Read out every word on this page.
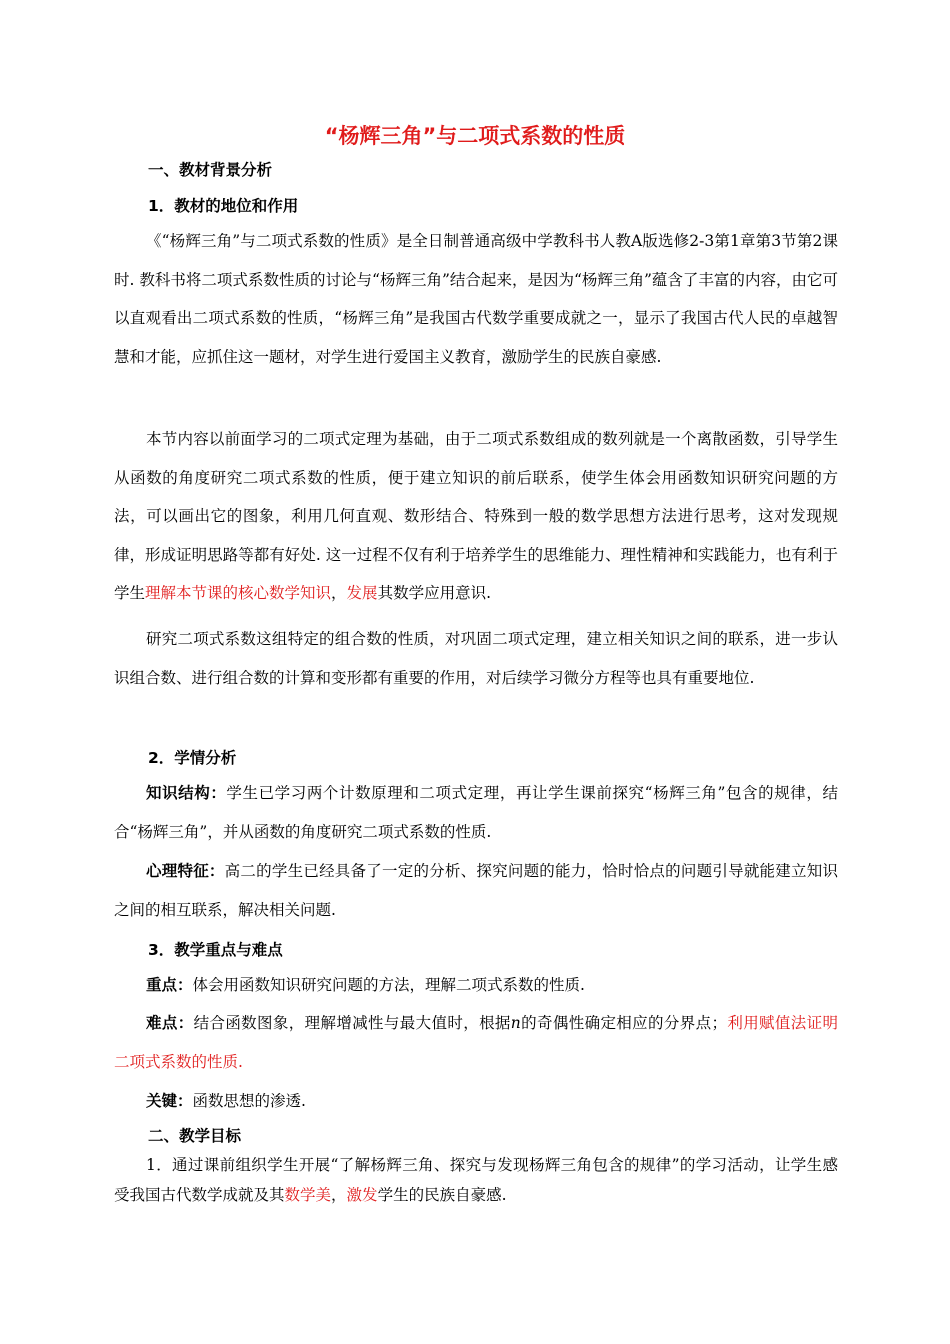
“杨辉三角”与二项式系数的性质
一、教材背景分析
1．教材的地位和作用
《“杨辉三角”与二项式系数的性质》是全日制普通高级中学教科书人教A版选修2-3第1章第3节第2课时. 教科书将二项式系数性质的讨论与“杨辉三角”结合起来，是因为“杨辉三角”蕴含了丰富的内容，由它可以直观看出二项式系数的性质，“杨辉三角”是我国古代数学重要成就之一，显示了我国古代人民的卓越智慧和才能，应抓住这一题材，对学生进行爱国主义教育，激励学生的民族自豪感.
本节内容以前面学习的二项式定理为基础，由于二项式系数组成的数列就是一个离散函数，引导学生从函数的角度研究二项式系数的性质，便于建立知识的前后联系，使学生体会用函数知识研究问题的方法，可以画出它的图象，利用几何直观、数形结合、特殊到一般的数学思想方法进行思考，这对发现规律，形成证明思路等都有好处. 这一过程不仅有利于培养学生的思维能力、理性精神和实践能力，也有利于学生理解本节课的核心数学知识，发展其数学应用意识.
研究二项式系数这组特定的组合数的性质，对巩固二项式定理，建立相关知识之间的联系，进一步认识组合数、进行组合数的计算和变形都有重要的作用，对后续学习微分方程等也具有重要地位.
2．学情分析
知识结构：学生已学习两个计数原理和二项式定理，再让学生课前探究“杨辉三角”包含的规律，结合“杨辉三角”，并从函数的角度研究二项式系数的性质.
心理特征：高二的学生已经具备了一定的分析、探究问题的能力，恰时恰点的问题引导就能建立知识之间的相互联系，解决相关问题.
3．教学重点与难点
重点：体会用函数知识研究问题的方法，理解二项式系数的性质.
难点：结合函数图象，理解增减性与最大值时，根据n的奇偶性确定相应的分界点；利用赋值法证明二项式系数的性质.
关键：函数思想的渗透.
二、教学目标
1．通过课前组织学生开展“了解杨辉三角、探究与发现杨辉三角包含的规律”的学习活动，让学生感受我国古代数学成就及其数学美，激发学生的民族自豪感.
